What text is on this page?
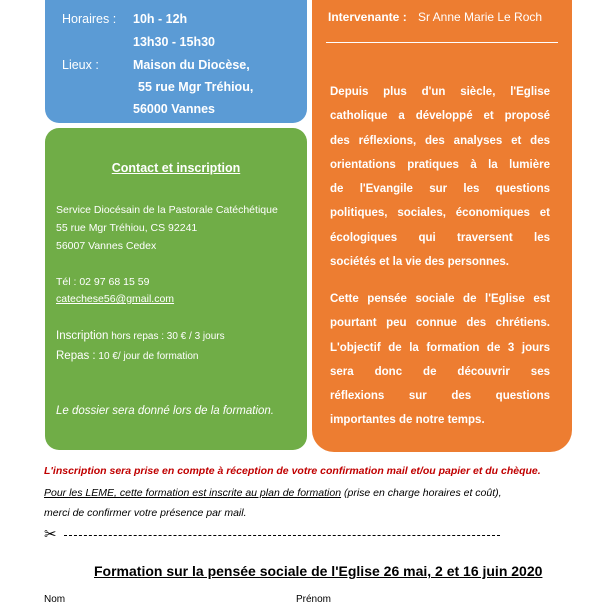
Horaires : 10h - 12h
13h30 - 15h30
Lieux :	Maison du Diocèse,
55 rue Mgr Tréhiou,
56000 Vannes
Intervenante : Sr Anne Marie Le Roch
Depuis plus d'un siècle, l'Eglise
catholique a développé et proposé
des réflexions, des analyses et des
orientations pratiques à la lumière
de l'Evangile sur les questions
politiques, sociales, économiques et
écologiques qui traversent les
sociétés et la vie des personnes.
Cette pensée sociale de l'Eglise est
pourtant peu connue des chrétiens.
L'objectif de la formation de 3 jours
sera donc de découvrir ses
réflexions sur des questions
importantes de notre temps.
Contact et inscription
Service Diocésain de la Pastorale Catéchétique
55 rue Mgr Tréhiou, CS 92241
56007 Vannes Cedex
Tél : 02 97 68 15 59
catechese56@gmail.com
Inscription hors repas : 30 € / 3 jours
Repas : 10 €/ jour de formation
Le dossier sera donné lors de la formation.
L'inscription sera prise en compte à réception de votre confirmation mail et/ou papier et du chèque.
Pour les LEME, cette formation est inscrite au plan de formation (prise en charge horaires et coût),
merci de confirmer votre présence par mail.
✂
Formation sur la pensée sociale de l'Eglise 26 mai, 2 et 16 juin 2020
Nom	Prénom
